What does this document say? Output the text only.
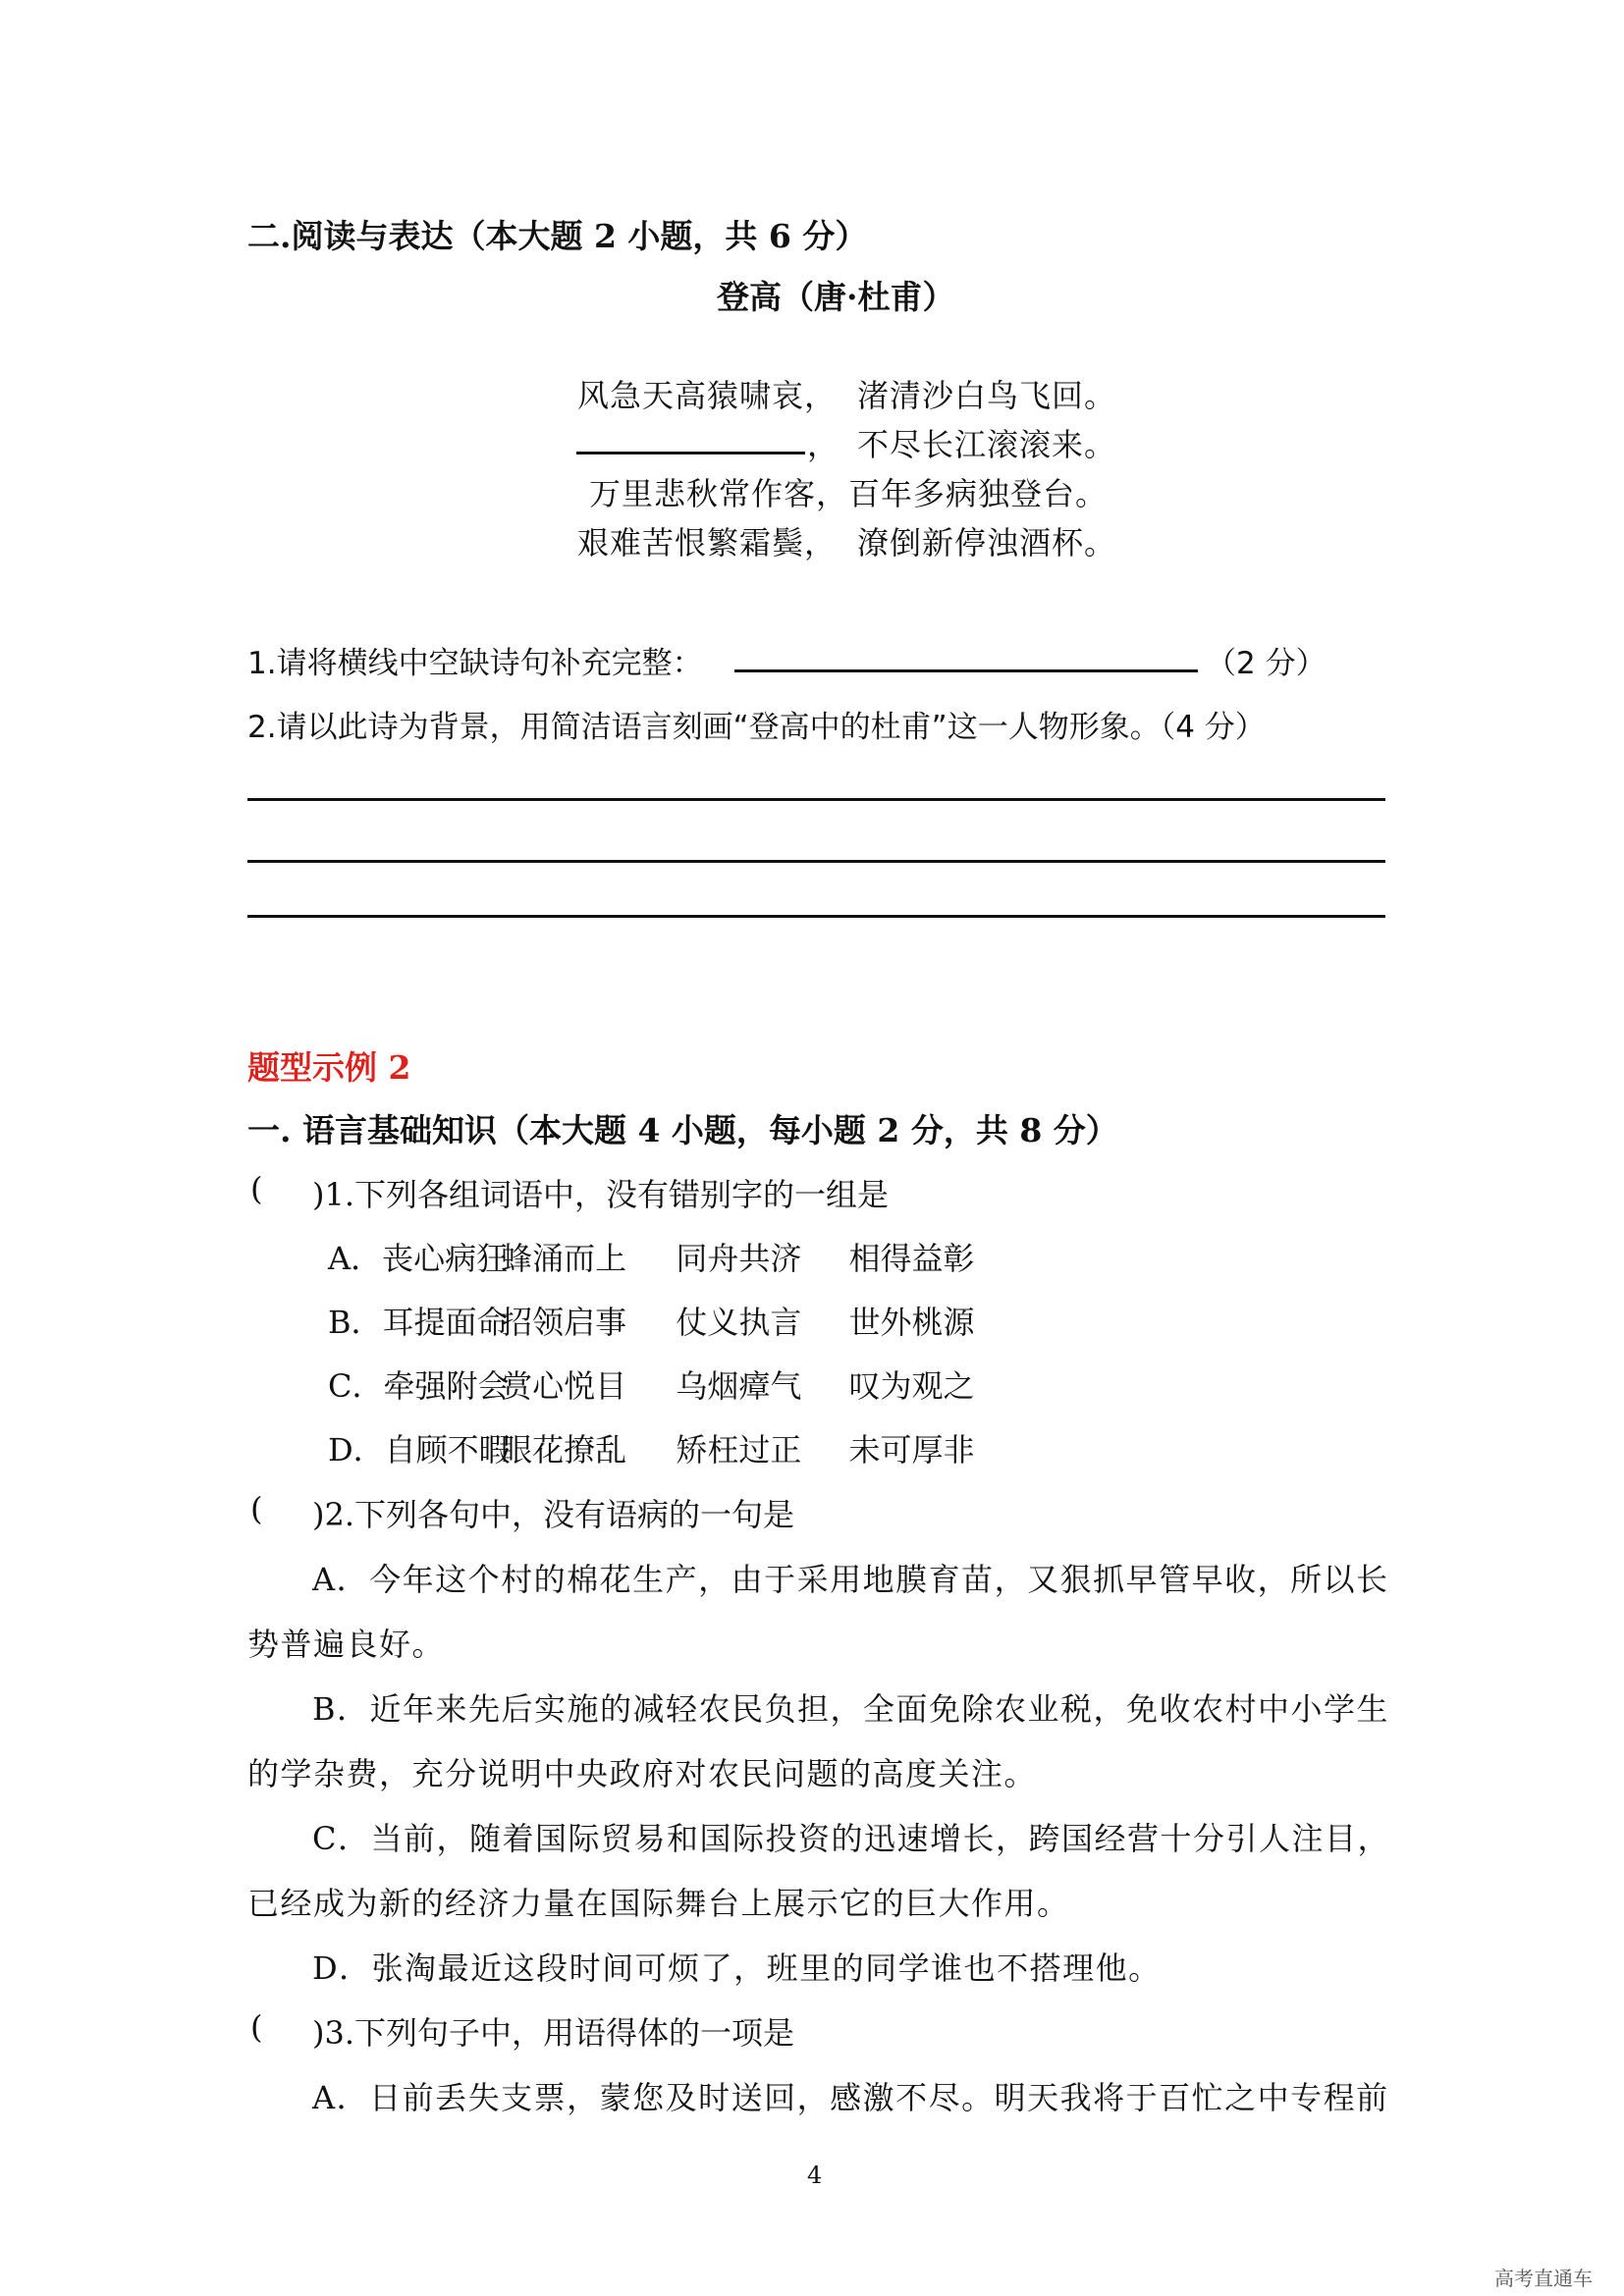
二.阅读与表达（本大题 2 小题，共 6 分）
登高（唐·杜甫）
风急天高猿啸哀， 渚清沙白鸟飞回。
， 不尽长江滚滚来。
万里悲秋常作客，百年多病独登台。
艰难苦恨繁霜鬓， 潦倒新停浊酒杯。
1.请将横线中空缺诗句补充完整：	（2 分）
2.请以此诗为背景，用简洁语言刻画“登高中的杜甫”这一人物形象。（4 分）
题型示例 2
一. 语言基础知识（本大题 4 小题，每小题 2 分，共 8 分）
( )1.下列各组词语中，没有错别字的一组是
A．丧心病狂 蜂涌而上 同舟共济 相得益彰
B．耳提面命 招领启事 仗义执言 世外桃源
C．牵强附会 赏心悦目 乌烟瘴气 叹为观之
D．自顾不暇 眼花撩乱 矫枉过正 未可厚非
( )2.下列各句中，没有语病的一句是
A．今年这个村的棉花生产，由于采用地膜育苗，又狠抓早管早收，所以长
势普遍良好。
B．近年来先后实施的减轻农民负担，全面免除农业税，免收农村中小学生
的学杂费，充分说明中央政府对农民问题的高度关注。
C．当前，随着国际贸易和国际投资的迅速增长，跨国经营十分引人注目，
已经成为新的经济力量在国际舞台上展示它的巨大作用。
D．张淘最近这段时间可烦了，班里的同学谁也不搭理他。
( )3.下列句子中，用语得体的一项是
A．日前丢失支票，蒙您及时送回，感激不尽。明天我将于百忙之中专程前
4
高考直通车
